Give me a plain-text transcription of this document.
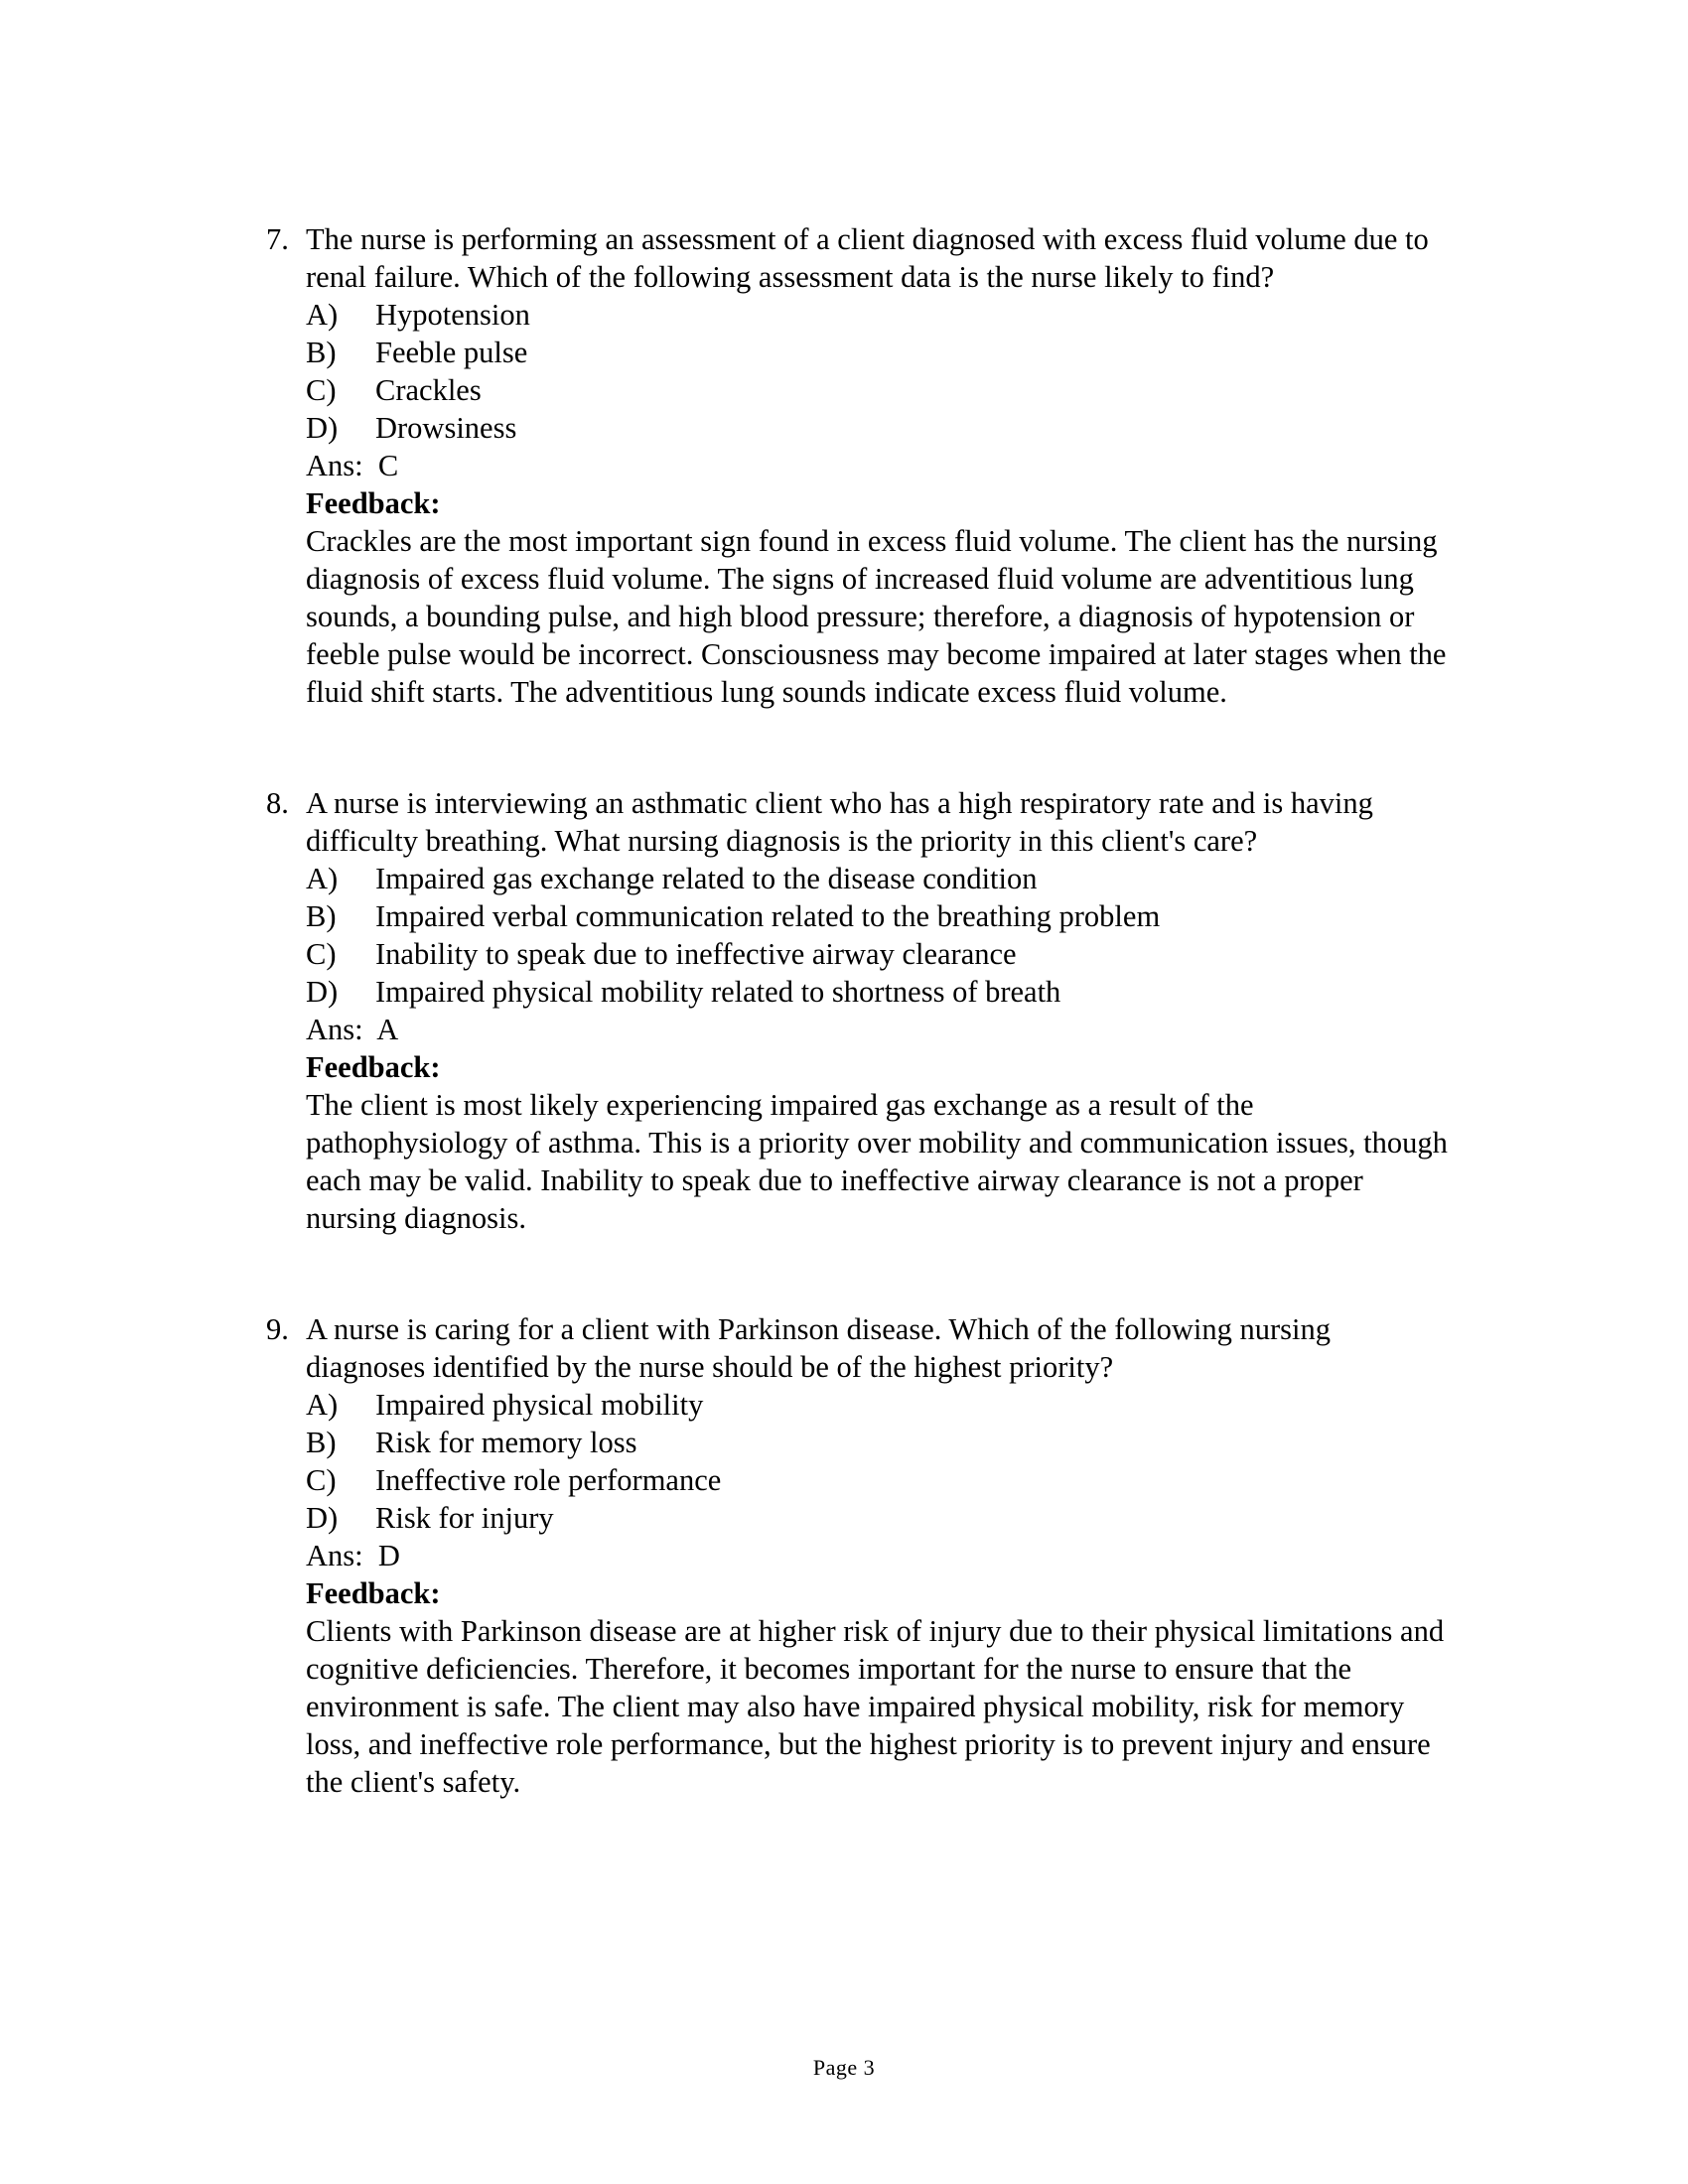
7. The nurse is performing an assessment of a client diagnosed with excess fluid volume due to renal failure. Which of the following assessment data is the nurse likely to find?

A)	Hypotension
B)	Feeble pulse
C)	Crackles
D)	Drowsiness
Ans:  C
Feedback:

Crackles are the most important sign found in excess fluid volume. The client has the nursing diagnosis of excess fluid volume. The signs of increased fluid volume are adventitious lung sounds, a bounding pulse, and high blood pressure; therefore, a diagnosis of hypotension or feeble pulse would be incorrect. Consciousness may become impaired at later stages when the fluid shift starts. The adventitious lung sounds indicate excess fluid volume.

8. A nurse is interviewing an asthmatic client who has a high respiratory rate and is having difficulty breathing. What nursing diagnosis is the priority in this client's care?

A)	Impaired gas exchange related to the disease condition
B)	Impaired verbal communication related to the breathing problem
C)	Inability to speak due to ineffective airway clearance
D)	Impaired physical mobility related to shortness of breath
Ans:  A
Feedback:

The client is most likely experiencing impaired gas exchange as a result of the pathophysiology of asthma. This is a priority over mobility and communication issues, though each may be valid. Inability to speak due to ineffective airway clearance is not a proper nursing diagnosis.

9. A nurse is caring for a client with Parkinson disease. Which of the following nursing diagnoses identified by the nurse should be of the highest priority?

A)	Impaired physical mobility
B)	Risk for memory loss
C)	Ineffective role performance
D)	Risk for injury
Ans:  D
Feedback:

Clients with Parkinson disease are at higher risk of injury due to their physical limitations and cognitive deficiencies. Therefore, it becomes important for the nurse to ensure that the environment is safe. The client may also have impaired physical mobility, risk for memory loss, and ineffective role performance, but the highest priority is to prevent injury and ensure the client's safety.

Page 3
